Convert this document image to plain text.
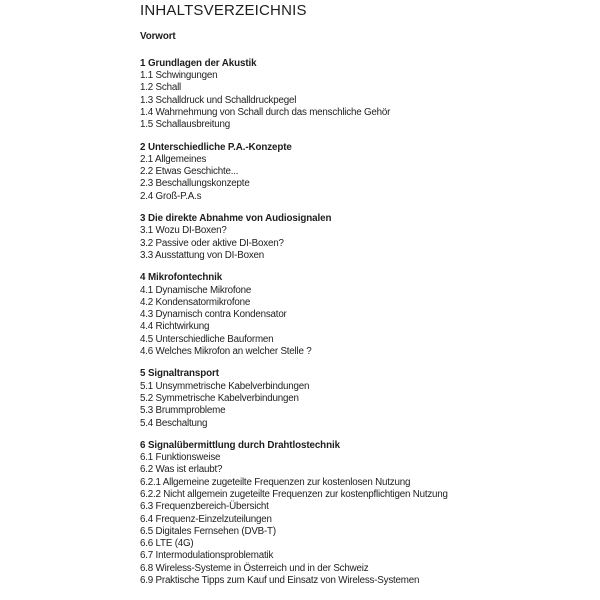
INHALTSVERZEICHNIS

Vorwort

1 Grundlagen der Akustik
1.1 Schwingungen
1.2 Schall
1.3 Schalldruck und Schalldruckpegel
1.4 Wahrnehmung von Schall durch das menschliche Gehör
1.5 Schallausbreitung
2 Unterschiedliche P.A.-Konzepte
2.1 Allgemeines
2.2 Etwas Geschichte...
2.3 Beschallungskonzepte
2.4 Groß-P.A.s
3 Die direkte Abnahme von Audiosignalen
3.1 Wozu DI-Boxen?
3.2 Passive oder aktive DI-Boxen?
3.3 Ausstattung von DI-Boxen
4 Mikrofontechnik
4.1 Dynamische Mikrofone
4.2 Kondensatormikrofone
4.3 Dynamisch contra Kondensator
4.4 Richtwirkung
4.5 Unterschiedliche Bauformen
4.6 Welches Mikrofon an welcher Stelle ?
5 Signaltransport
5.1 Unsymmetrische Kabelverbindungen
5.2 Symmetrische Kabelverbindungen
5.3 Brummprobleme
5.4 Beschaltung
6 Signalübermittlung durch Drahtlostechnik
6.1 Funktionsweise
6.2 Was ist erlaubt?
6.2.1 Allgemeine zugeteilte Frequenzen zur kostenlosen Nutzung
6.2.2 Nicht allgemein zugeteilte Frequenzen zur kostenpflichtigen Nutzung
6.3 Frequenzbereich-Übersicht
6.4 Frequenz-Einzelzuteilungen
6.5 Digitales Fernsehen (DVB-T)
6.6 LTE (4G)
6.7 Intermodulationsproblematik
6.8 Wireless-Systeme in Österreich und in der Schweiz
6.9 Praktische Tipps zum Kauf und Einsatz von Wireless-Systemen
